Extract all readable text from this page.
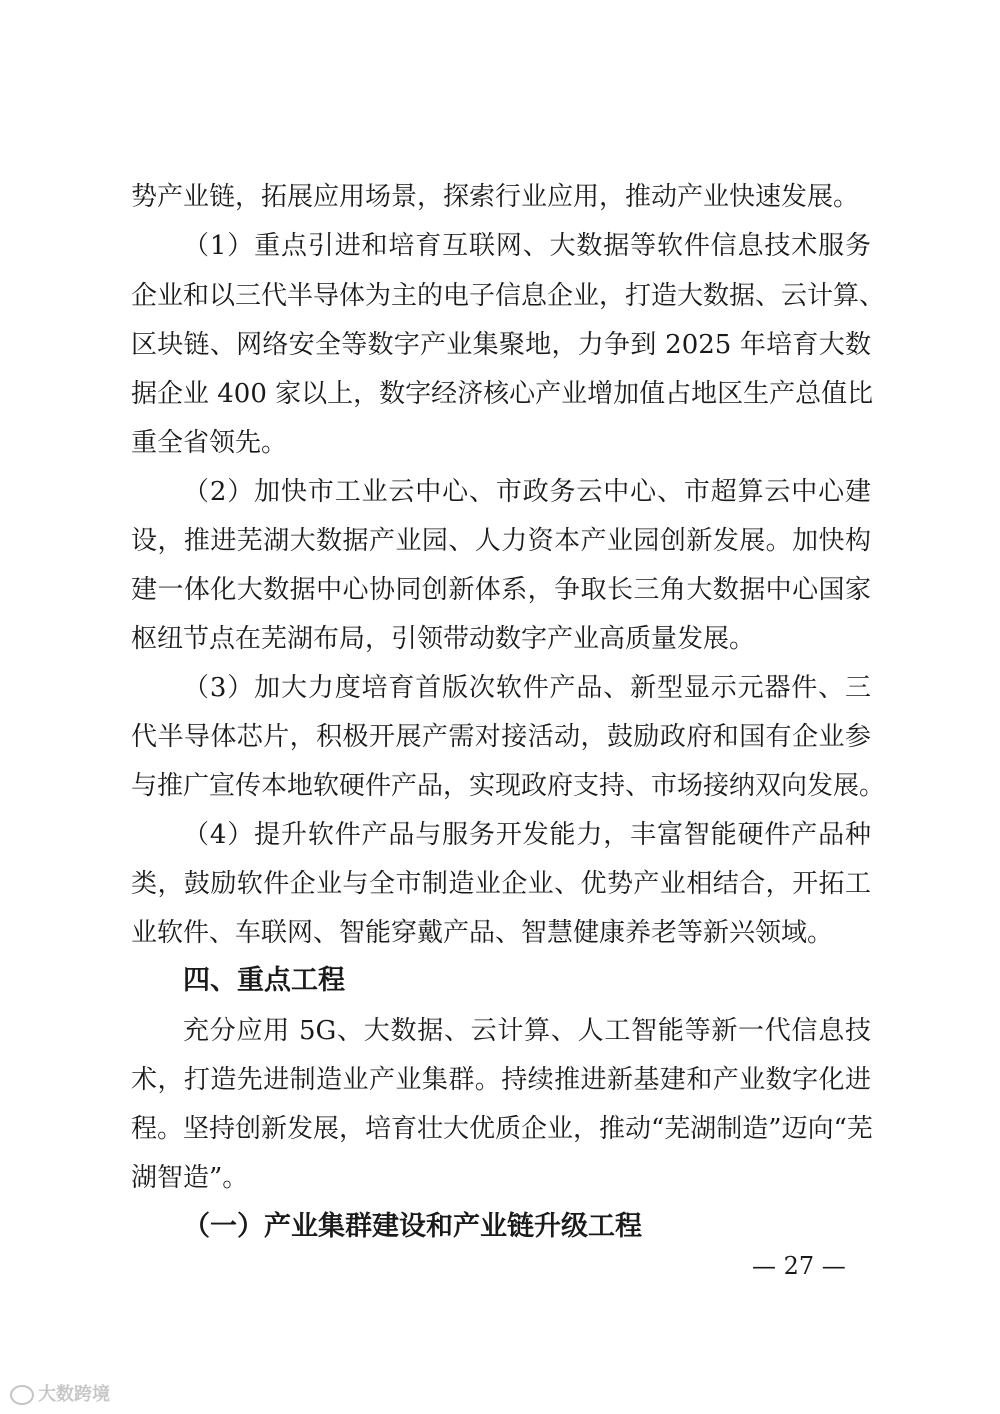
势产业链，拓展应用场景，探索行业应用，推动产业快速发展。
（1）重点引进和培育互联网、大数据等软件信息技术服务
企业和以三代半导体为主的电子信息企业，打造大数据、云计算、
区块链、网络安全等数字产业集聚地，力争到 2025 年培育大数
据企业 400 家以上，数字经济核心产业增加值占地区生产总值比
重全省领先。
（2）加快市工业云中心、市政务云中心、市超算云中心建
设，推进芜湖大数据产业园、人力资本产业园创新发展。加快构
建一体化大数据中心协同创新体系，争取长三角大数据中心国家
枢纽节点在芜湖布局，引领带动数字产业高质量发展。
（3）加大力度培育首版次软件产品、新型显示元器件、三
代半导体芯片，积极开展产需对接活动，鼓励政府和国有企业参
与推广宣传本地软硬件产品，实现政府支持、市场接纳双向发展。
（4）提升软件产品与服务开发能力，丰富智能硬件产品种
类，鼓励软件企业与全市制造业企业、优势产业相结合，开拓工
业软件、车联网、智能穿戴产品、智慧健康养老等新兴领域。
四、重点工程
充分应用 5G、大数据、云计算、人工智能等新一代信息技
术，打造先进制造业产业集群。持续推进新基建和产业数字化进
程。坚持创新发展，培育壮大优质企业，推动“芜湖制造”迈向“芜
湖智造”。
（一）产业集群建设和产业链升级工程
— 27 —
大数跨境
